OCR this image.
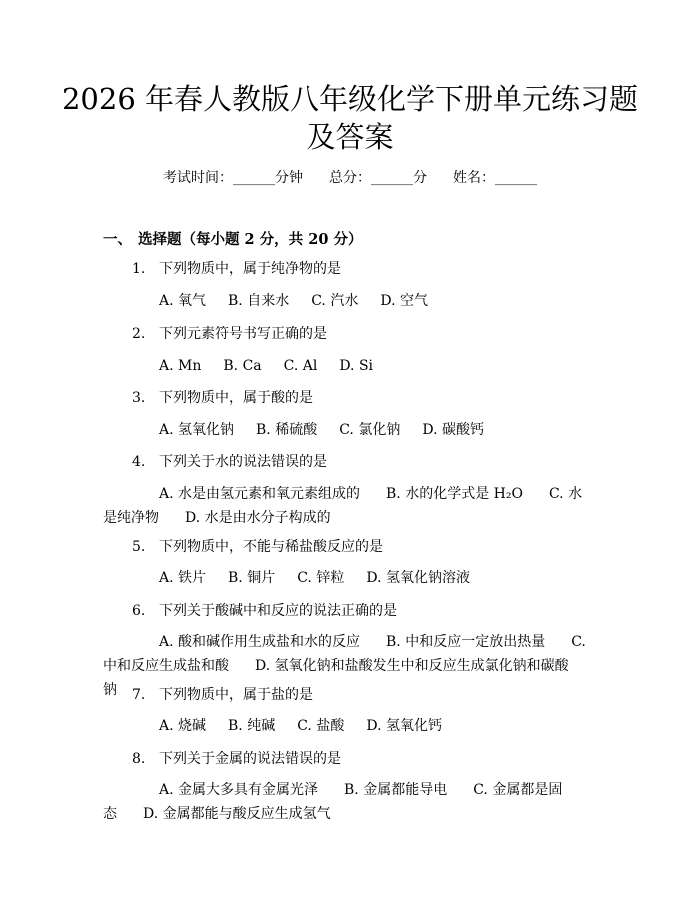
2026 年春人教版八年级化学下册单元练习题
及答案
考试时间：______分钟 总分：______分 姓名：______
一、 选择题（每小题 2 分，共 20 分）
1. 下列物质中，属于纯净物的是
A. 氧气 B. 自来水 C. 汽水 D. 空气
2. 下列元素符号书写正确的是
A. Mn B. Ca C. Al D. Si
3. 下列物质中，属于酸的是
A. 氢氧化钠 B. 稀硫酸 C. 氯化钠 D. 碳酸钙
4. 下列关于水的说法错误的是
A. 水是由氢元素和氧元素组成的 B. 水的化学式是 H₂O C. 水是纯净物 D. 水是由水分子构成的
5. 下列物质中，不能与稀盐酸反应的是
A. 铁片 B. 铜片 C. 锌粒 D. 氢氧化钠溶液
6. 下列关于酸碱中和反应的说法正确的是
A. 酸和碱作用生成盐和水的反应 B. 中和反应一定放出热量 C. 中和反应生成盐和酸 D. 氢氧化钠和盐酸发生中和反应生成氯化钠和碳酸钠	7. 下列物质中，属于盐的是
A. 烧碱 B. 纯碱 C. 盐酸 D. 氢氧化钙
8. 下列关于金属的说法错误的是
A. 金属大多具有金属光泽 B. 金属都能导电 C. 金属都是固态 D. 金属都能与酸反应生成氢气
